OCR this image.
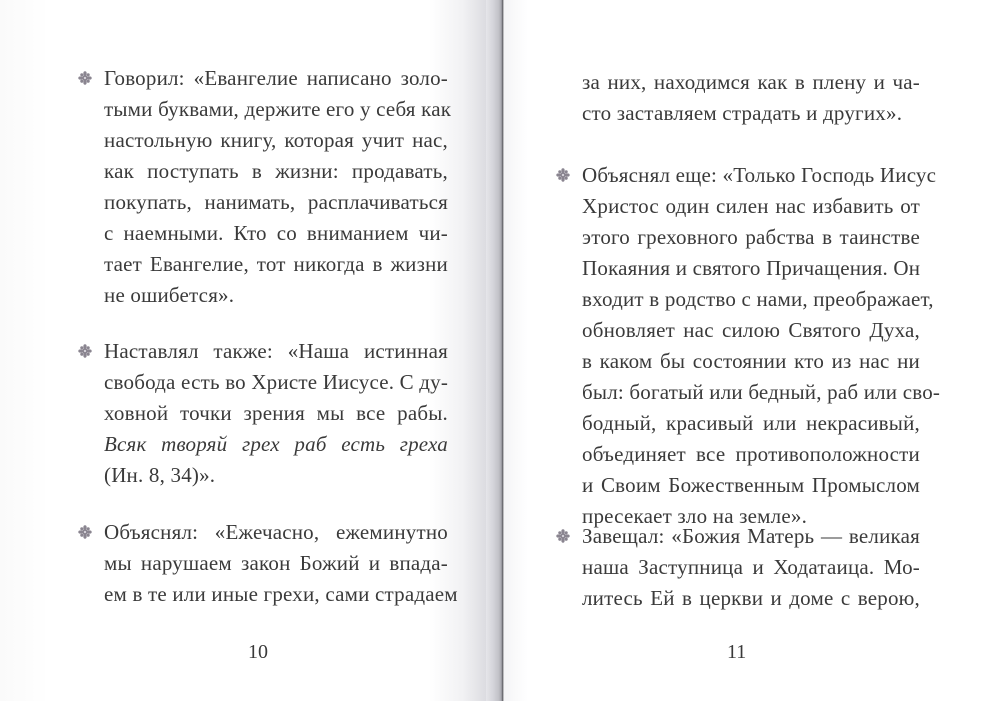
Говорил: «Евангелие написано золо-
тыми буквами, держите его у себя как
настольную книгу, которая учит нас,
как поступать в жизни: продавать,
покупать, нанимать, расплачиваться
с наемными. Кто со вниманием чи-
тает Евангелие, тот никогда в жизни
не ошибется».
Наставлял также: «Наша истинная
свобода есть во Христе Иисусе. С ду-
ховной точки зрения мы все рабы.
Всяк творяй грех раб есть греха
(Ин. 8, 34)».
Объяснял: «Ежечасно, ежеминутно
мы нарушаем закон Божий и впада-
ем в те или иные грехи, сами страдаем
10
за них, находимся как в плену и ча-
сто заставляем страдать и других».
Объяснял еще: «Только Господь Иисус
Христос один силен нас избавить от
этого греховного рабства в таинстве
Покаяния и святого Причащения. Он
входит в родство с нами, преображает,
обновляет нас силою Святого Духа,
в каком бы состоянии кто из нас ни
был: богатый или бедный, раб или сво-
бодный, красивый или некрасивый,
объединяет все противоположности
и Своим Божественным Промыслом
пресекает зло на земле».
Завещал: «Божия Матерь — великая
наша Заступница и Ходатаица. Мо-
литесь Ей в церкви и доме с верою,
11
